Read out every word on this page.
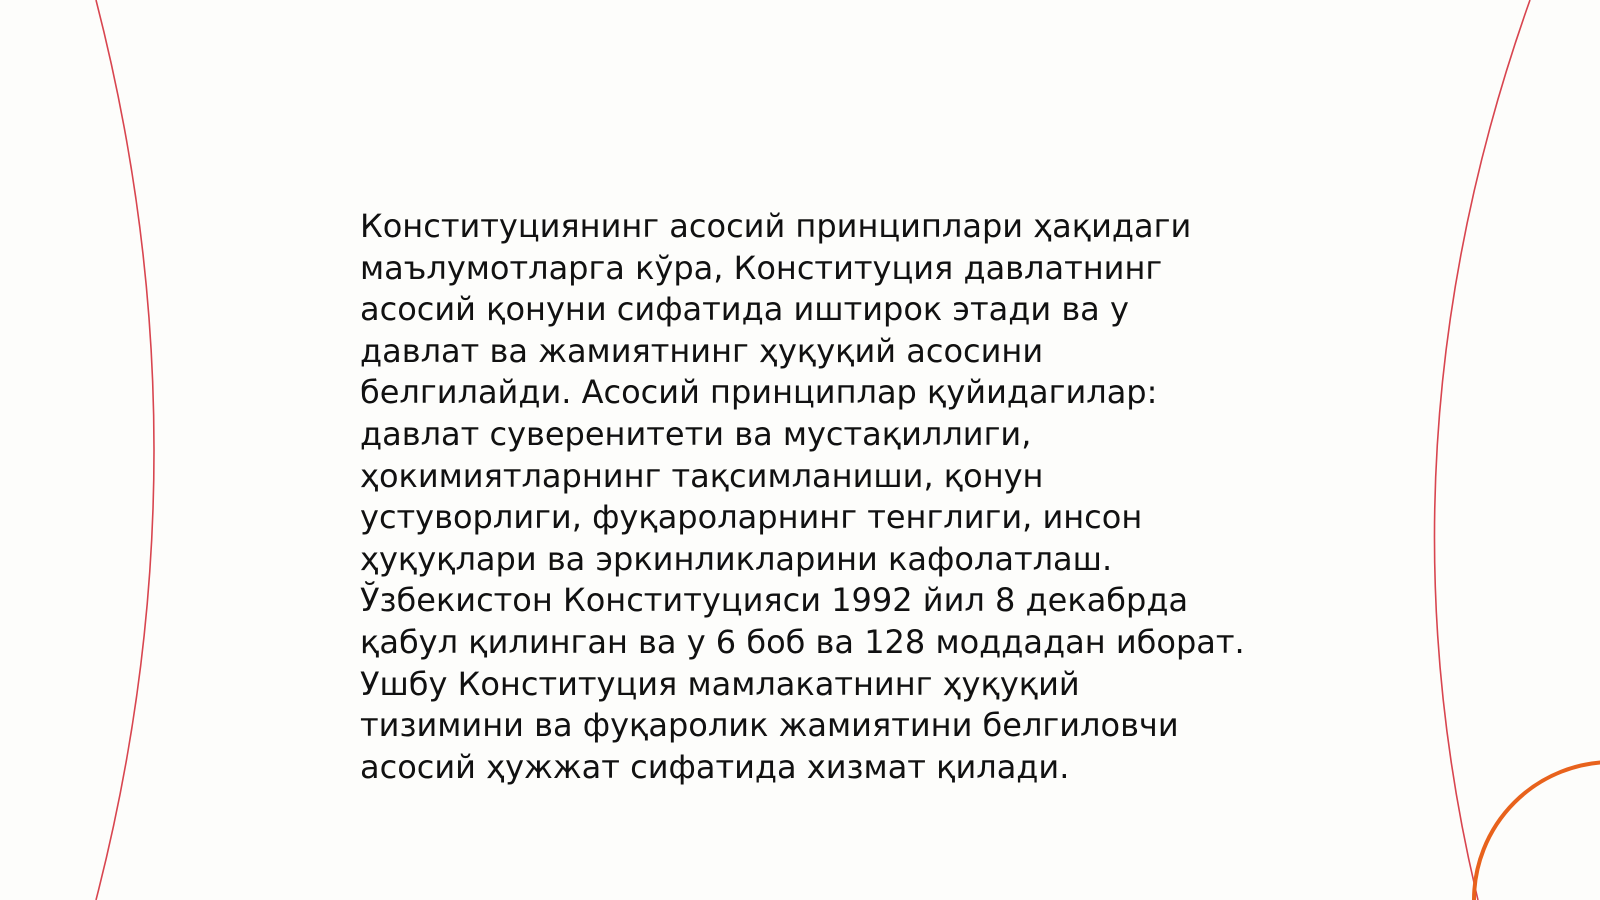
Конституциянинг асосий принциплари ҳақидаги
маълумотларга кўра, Конституция давлатнинг
асосий қонуни сифатида иштирок этади ва у
давлат ва жамиятнинг ҳуқуқий асосини
белгилайди. Асосий принциплар қуйидагилар:
давлат суверенитети ва мустақиллиги,
ҳокимиятларнинг тақсимланиши, қонун
устуворлиги, фуқароларнинг тенглиги, инсон
ҳуқуқлари ва эркинликларини кафолатлаш.
Ўзбекистон Конституцияси 1992 йил 8 декабрда
қабул қилинган ва у 6 боб ва 128 моддадан иборат.
Ушбу Конституция мамлакатнинг ҳуқуқий
тизимини ва фуқаролик жамиятини белгиловчи
асосий ҳужжат сифатида хизмат қилади.
